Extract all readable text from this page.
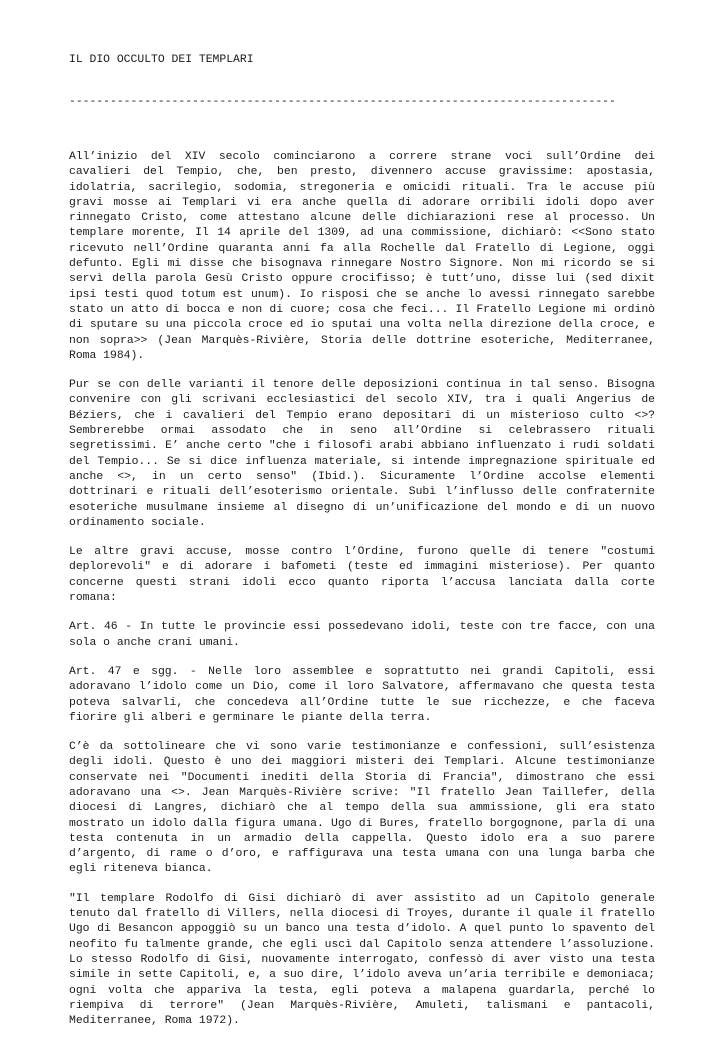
IL DIO OCCULTO DEI TEMPLARI
--------------------------------------------------------------------------------

All’inizio del XIV secolo cominciarono a correre strane voci sull’Ordine dei cavalieri del Tempio, che, ben presto, divennero accuse gravissime: apostasia, idolatria, sacrilegio, sodomia, stregoneria e omicidi rituali. Tra le accuse più gravi mosse ai Templari vi era anche quella di adorare orribili idoli dopo aver rinnegato Cristo, come attestano alcune delle dichiarazioni rese al processo. Un templare morente, Il 14 aprile del 1309, ad una commissione, dichiarò: <<Sono stato ricevuto nell’Ordine quaranta anni fa alla Rochelle dal Fratello di Legione, oggi defunto. Egli mi disse che bisognava rinnegare Nostro Signore. Non mi ricordo se si servì della parola Gesù Cristo oppure crocifisso; è tutt’uno, disse lui (sed dixit ipsi testi quod totum est unum). Io risposi che se anche lo avessi rinnegato sarebbe stato un atto di bocca e non di cuore; cosa che feci... Il Fratello Legione mi ordinò di sputare su una piccola croce ed io sputai una volta nella direzione della croce, e non sopra>> (Jean Marquès-Rivière, Storia delle dottrine esoteriche, Mediterranee, Roma 1984).

Pur se con delle varianti il tenore delle deposizioni continua in tal senso. Bisogna convenire con gli scrivani ecclesiastici del secolo XIV, tra i quali Angerius de Béziers, che i cavalieri del Tempio erano depositari di un misterioso culto <>? Sembrerebbe ormai assodato che in seno all’Ordine si celebrassero rituali segretissimi. E’ anche certo "che i filosofi arabi abbiano influenzato i rudi soldati del Tempio... Se si dice influenza materiale, si intende impregnazione spirituale ed anche <>, in un certo senso" (Ibid.). Sicuramente l’Ordine accolse elementi dottrinari e rituali dell’esoterismo orientale. Subì l’influsso delle confraternite esoteriche musulmane insieme al disegno di un’unificazione del mondo e di un nuovo ordinamento sociale.

Le altre gravi accuse, mosse contro l’Ordine, furono quelle di tenere "costumi deplorevoli" e di adorare i bafometi (teste ed immagini misteriose). Per quanto concerne questi strani idoli ecco quanto riporta l’accusa lanciata dalla corte romana:

Art. 46 - In tutte le provincie essi possedevano idoli, teste con tre facce, con una sola o anche crani umani.

Art. 47 e sgg. - Nelle loro assemblee e soprattutto nei grandi Capitoli, essi adoravano l’idolo come un Dio, come il loro Salvatore, affermavano che questa testa poteva salvarli, che concedeva all’Ordine tutte le sue ricchezze, e che faceva fiorire gli alberi e germinare le piante della terra.

C’è da sottolineare che vi sono varie testimonianze e confessioni, sull’esistenza degli idoli. Questo è uno dei maggiori misteri dei Templari. Alcune testimonianze conservate nei "Documenti inediti della Storia di Francia", dimostrano che essi adoravano una <>. Jean Marquès-Rivière scrive: "Il fratello Jean Taillefer, della diocesi di Langres, dichiarò che al tempo della sua ammissione, gli era stato mostrato un idolo dalla figura umana. Ugo di Bures, fratello borgognone, parla di una testa contenuta in un armadio della cappella. Questo idolo era a suo parere d’argento, di rame o d’oro, e raffigurava una testa umana con una lunga barba che egli riteneva bianca.

"Il templare Rodolfo di Gisi dichiarò di aver assistito ad un Capitolo generale tenuto dal fratello di Villers, nella diocesi di Troyes, durante il quale il fratello Ugo di Besancon appoggiò su un banco una testa d’idolo. A quel punto lo spavento del neofito fu talmente grande, che egli uscì dal Capitolo senza attendere l’assoluzione. Lo stesso Rodolfo di Gisi, nuovamente interrogato, confessò di aver visto una testa simile in sette Capitoli, e, a suo dire, l’idolo aveva un’aria terribile e demoniaca; ogni volta che appariva la testa, egli poteva a malapena guardarla, perché lo riempiva di terrore" (Jean Marquès-Rivière, Amuleti, talismani e pantacoli, Mediterranee, Roma 1972).
